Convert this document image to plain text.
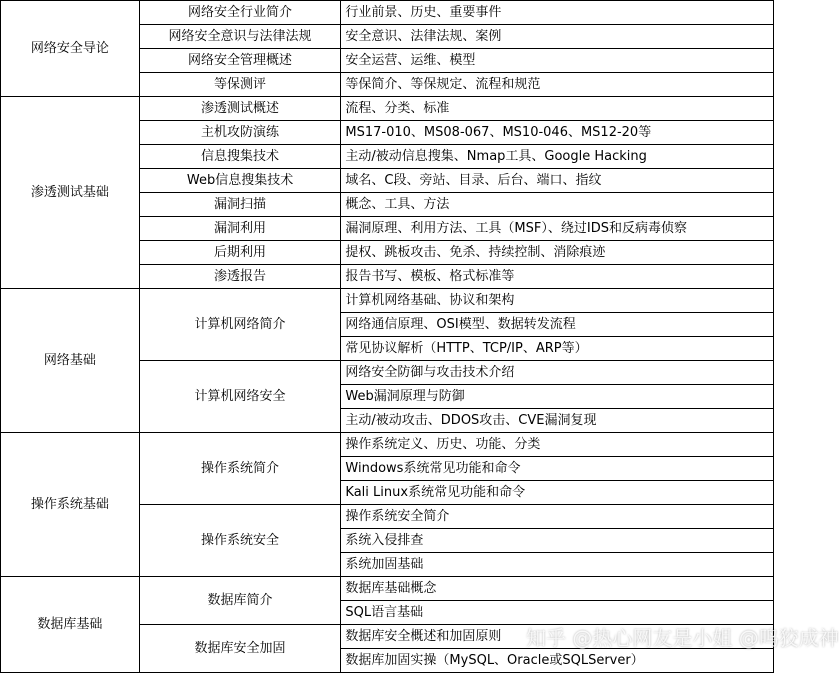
网络安全导论	网络安全行业简介	行业前景、历史、重要事件
	网络安全意识与法律法规	安全意识、法律法规、案例
	网络安全管理概述	安全运营、运维、模型
	等保测评	等保简介、等保规定、流程和规范
渗透测试基础	渗透测试概述	流程、分类、标准
	主机攻防演练	MS17-010、MS08-067、MS10-046、MS12-20等
	信息搜集技术	主动/被动信息搜集、Nmap工具、Google Hacking
	Web信息搜集技术	域名、C段、旁站、目录、后台、端口、指纹
	漏洞扫描	概念、工具、方法
	漏洞利用	漏洞原理、利用方法、工具（MSF）、绕过IDS和反病毒侦察
	后期利用	提权、跳板攻击、免杀、持续控制、消除痕迹
	渗透报告	报告书写、模板、格式标准等
网络基础	计算机网络简介	计算机网络基础、协议和架构
		网络通信原理、OSI模型、数据转发流程
		常见协议解析（HTTP、TCP/IP、ARP等）
	计算机网络安全	网络安全防御与攻击技术介绍
		Web漏洞原理与防御
		主动/被动攻击、DDOS攻击、CVE漏洞复现
操作系统基础	操作系统简介	操作系统定义、历史、功能、分类
		Windows系统常见功能和命令
		Kali Linux系统常见功能和命令
	操作系统安全	操作系统安全简介
		系统入侵排查
		系统加固基础
数据库基础	数据库简介	数据库基础概念
		SQL语言基础
	数据库安全加固	数据库安全概述和加固原则
		数据库加固实操（MySQL、Oracle或SQLServer）
知乎 @热心网友是小姐 @鸣狡成神
